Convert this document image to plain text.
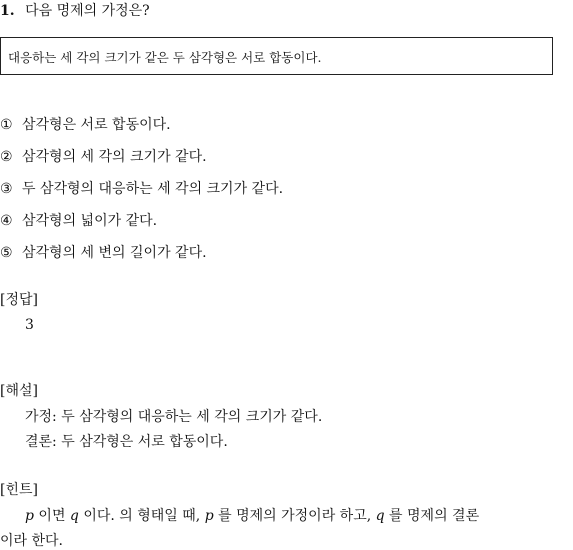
1. 다음 명제의 가정은?
대응하는 세 각의 크기가 같은 두 삼각형은 서로 합동이다.
① 삼각형은 서로 합동이다.
② 삼각형의 세 각의 크기가 같다.
③ 두 삼각형의 대응하는 세 각의 크기가 같다.
④ 삼각형의 넓이가 같다.
⑤ 삼각형의 세 변의 길이가 같다.
[정답]
3
[해설]
가정: 두 삼각형의 대응하는 세 각의 크기가 같다.
결론: 두 삼각형은 서로 합동이다.
[힌트]
p 이면 q 이다. 의 형태일 때, p 를 명제의 가정이라 하고, q 를 명제의 결론
이라 한다.
